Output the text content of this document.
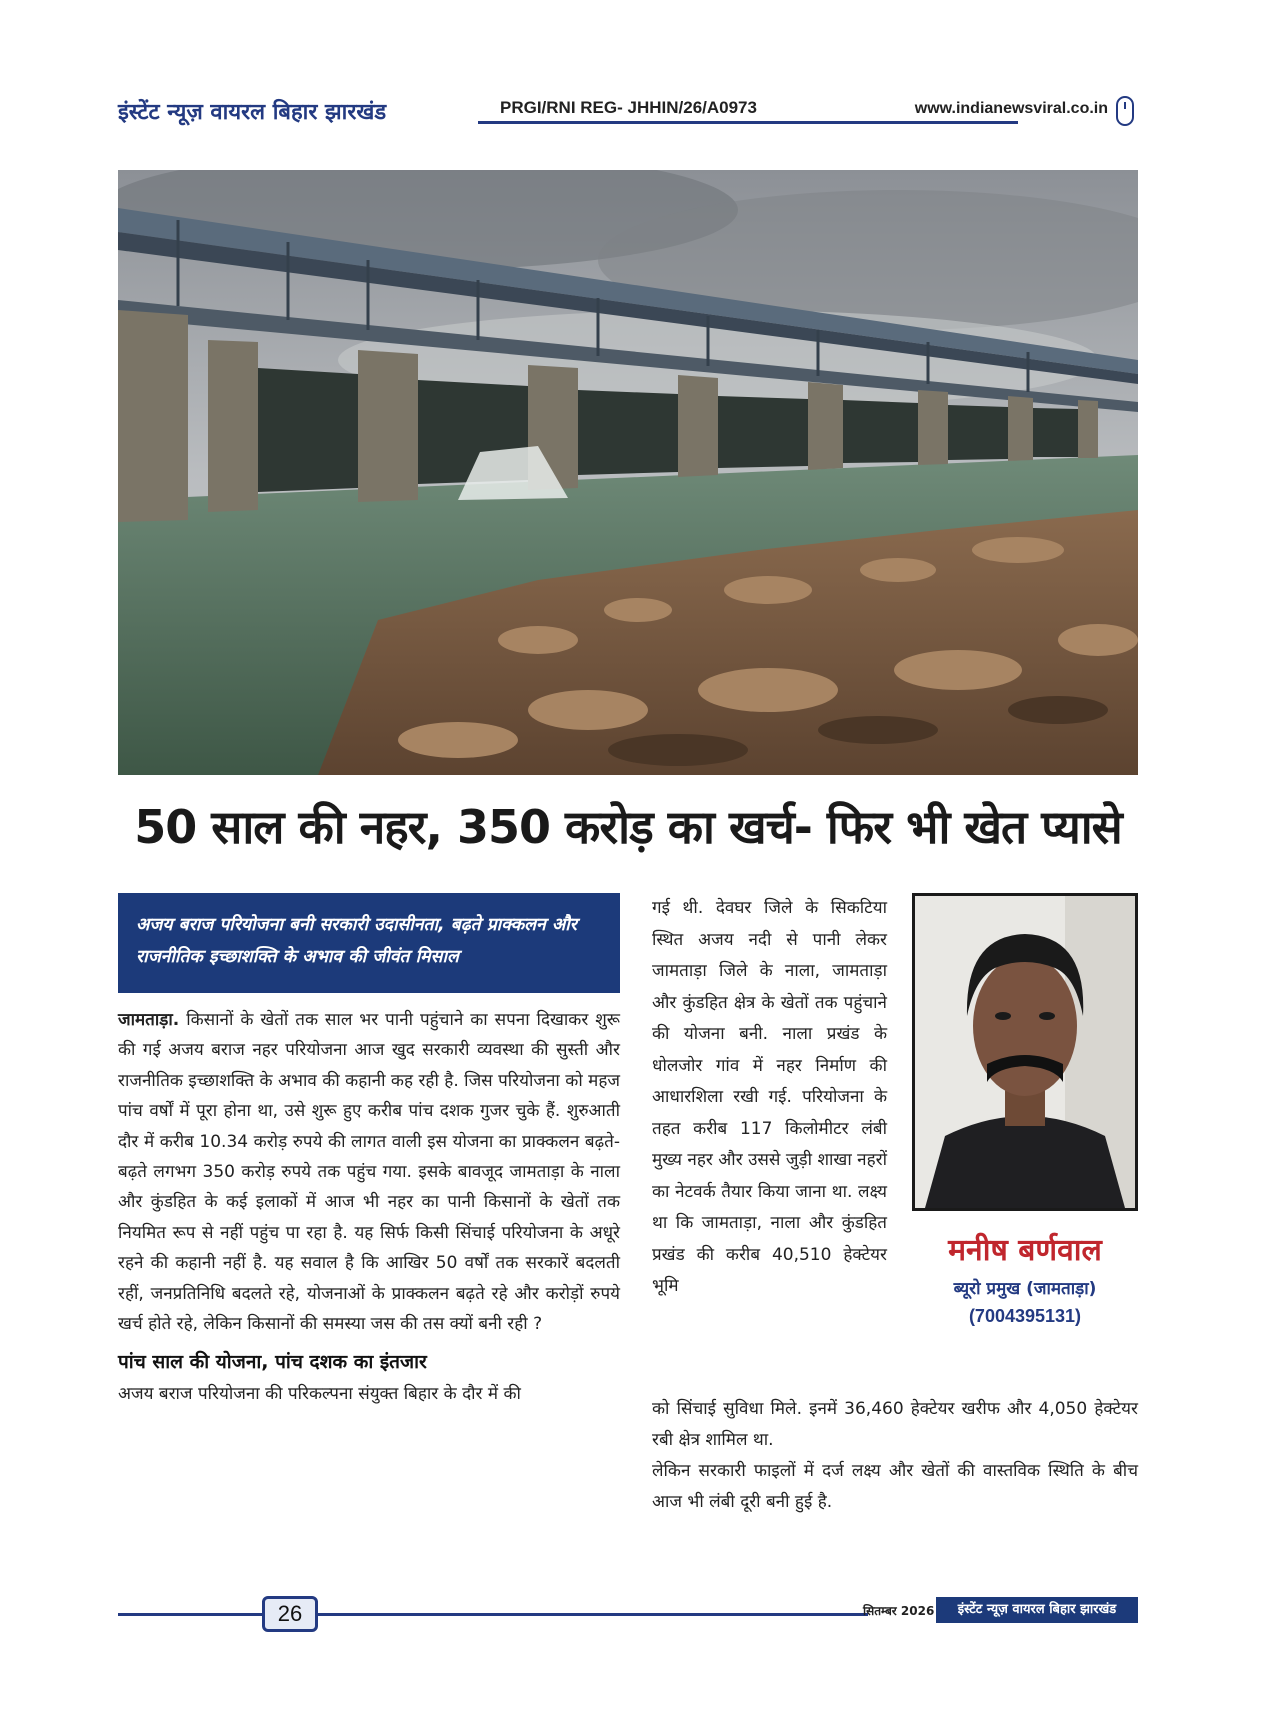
इंस्टेंट न्यूज़ वायरल बिहार झारखंड	PRGI/RNI REG- JHHIN/26/A0973	www.indianewsviral.co.in
50 साल की नहर, 350 करोड़ का खर्च- फिर भी खेत प्यासे

अजय बराज परियोजना बनी सरकारी उदासीनता, बढ़ते प्राक्कलन और राजनीतिक इच्छाशक्ति के अभाव की जीवंत मिसाल

जामताड़ा. किसानों के खेतों तक साल भर पानी पहुंचाने का सपना दिखाकर शुरू की गई अजय बराज नहर परियोजना आज खुद सरकारी व्यवस्था की सुस्ती और राजनीतिक इच्छाशक्ति के अभाव की कहानी कह रही है. जिस परियोजना को महज पांच वर्षों में पूरा होना था, उसे शुरू हुए करीब पांच दशक गुजर चुके हैं. शुरुआती दौर में करीब 10.34 करोड़ रुपये की लागत वाली इस योजना का प्राक्कलन बढ़ते-बढ़ते लगभग 350 करोड़ रुपये तक पहुंच गया. इसके बावजूद जामताड़ा के नाला और कुंडहित के कई इलाकों में आज भी नहर का पानी किसानों के खेतों तक नियमित रूप से नहीं पहुंच पा रहा है. यह सिर्फ किसी सिंचाई परियोजना के अधूरे रहने की कहानी नहीं है. यह सवाल है कि आखिर 50 वर्षों तक सरकारें बदलती रहीं, जनप्रतिनिधि बदलते रहे, योजनाओं के प्राक्कलन बढ़ते रहे और करोड़ों रुपये खर्च होते रहे, लेकिन किसानों की समस्या जस की तस क्यों बनी रही ?

पांच साल की योजना, पांच दशक का इंतजार

अजय बराज परियोजना की परिकल्पना संयुक्त बिहार के दौर में की

गई थी. देवघर जिले के सिकटिया स्थित अजय नदी से पानी लेकर जामताड़ा जिले के नाला, जामताड़ा और कुंडहित क्षेत्र के खेतों तक पहुंचाने की योजना बनी. नाला प्रखंड के धोलजोर गांव में नहर निर्माण की आधारशिला रखी गई. परियोजना के तहत करीब 117 किलोमीटर लंबी मुख्य नहर और उससे जुड़ी शाखा नहरों का नेटवर्क तैयार किया जाना था. लक्ष्य था कि जामताड़ा, नाला और कुंडहित प्रखंड की करीब 40,510 हेक्टेयर भूमि

को सिंचाई सुविधा मिले. इनमें 36,460 हेक्टेयर खरीफ और 4,050 हेक्टेयर रबी क्षेत्र शामिल था.

लेकिन सरकारी फाइलों में दर्ज लक्ष्य और खेतों की वास्तविक स्थिति के बीच आज भी लंबी दूरी बनी हुई है.

मनीष बर्णवाल
ब्यूरो प्रमुख (जामताड़ा)
(7004395131)
26	सितम्बर 2026	इंस्टेंट न्यूज़ वायरल बिहार झारखंड
